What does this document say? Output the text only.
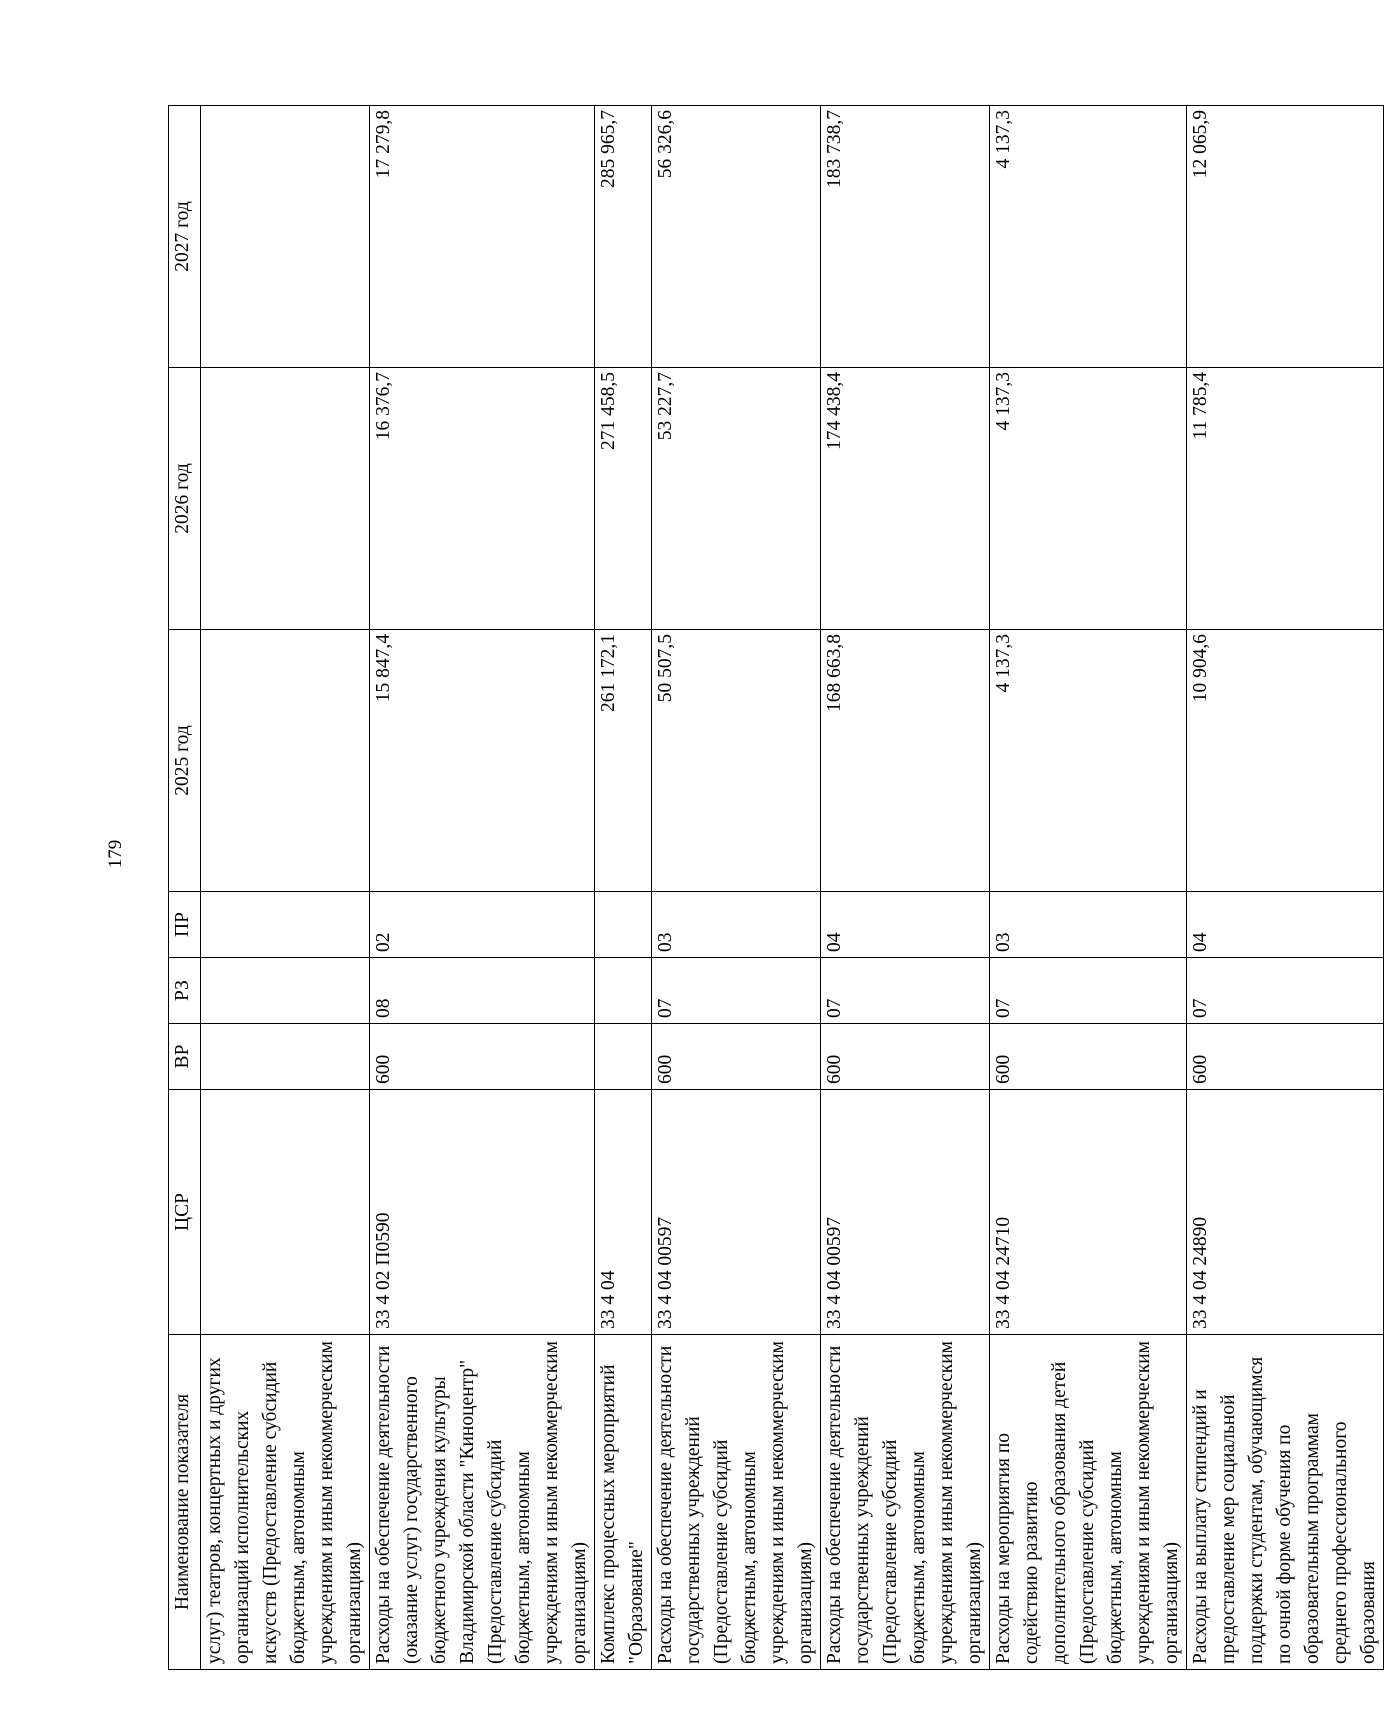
179
Наименование показателя	ЦСР	ВР	РЗ	ПР	2025 год	2026 год	2027 год
услуг) театров, концертных и других организаций исполнительских искусств (Предоставление субсидий бюджетным, автономным учреждениям и иным некоммерческим организациям)							
Расходы на обеспечение деятельности (оказание услуг) государственного бюджетного учреждения культуры Владимирской области "Киноцентр" (Предоставление субсидий бюджетным, автономным учреждениям и иным некоммерческим организациям)	33 4 02 П0590	600	08	02	15 847,4	16 376,7	17 279,8
Комплекс процессных мероприятий "Образование"	33 4 04				261 172,1	271 458,5	285 965,7
Расходы на обеспечение деятельности государственных учреждений (Предоставление субсидий бюджетным, автономным учреждениям и иным некоммерческим организациям)	33 4 04 00597	600	07	03	50 507,5	53 227,7	56 326,6
Расходы на обеспечение деятельности государственных учреждений (Предоставление субсидий бюджетным, автономным учреждениям и иным некоммерческим организациям)	33 4 04 00597	600	07	04	168 663,8	174 438,4	183 738,7
Расходы на мероприятия по содействию развитию дополнительного образования детей (Предоставление субсидий бюджетным, автономным учреждениям и иным некоммерческим организациям)	33 4 04 24710	600	07	03	4 137,3	4 137,3	4 137,3
Расходы на выплату стипендий и предоставление мер социальной поддержки студентам, обучающимся по очной форме обучения по образовательным программам среднего профессионального образования	33 4 04 24890	600	07	04	10 904,6	11 785,4	12 065,9
